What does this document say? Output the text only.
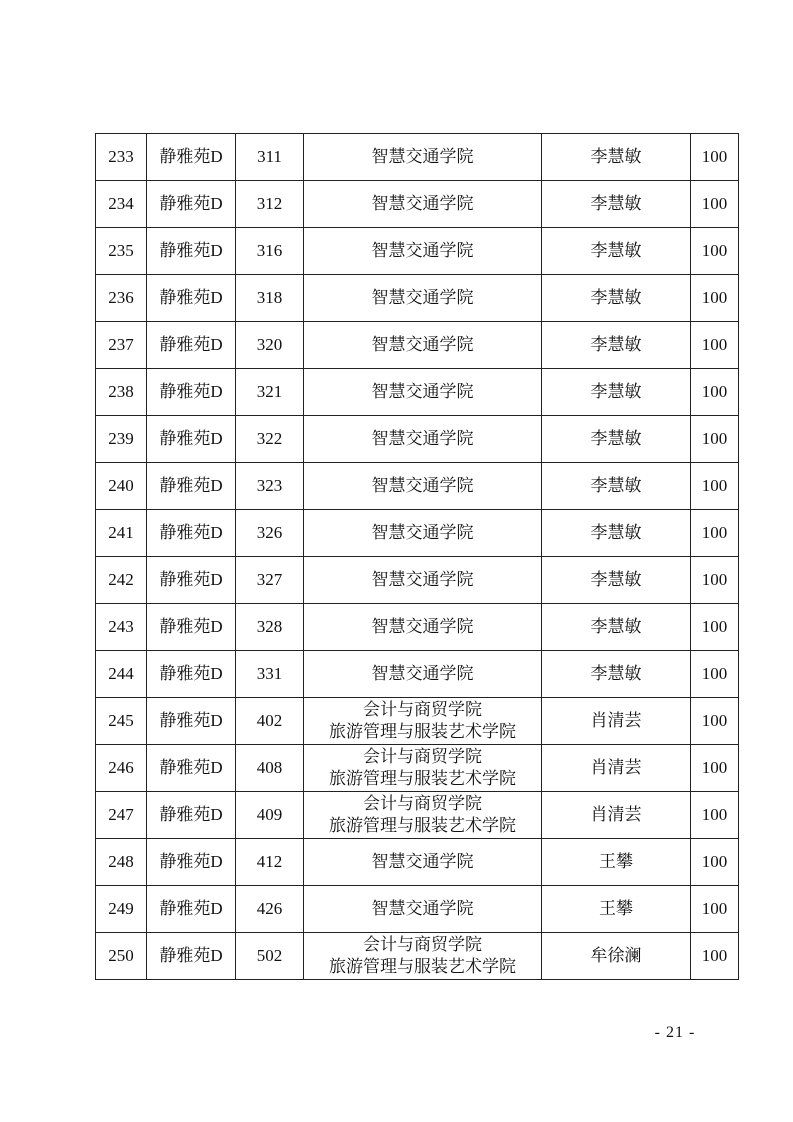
233	静雅苑D	311	智慧交通学院	李慧敏	100
234	静雅苑D	312	智慧交通学院	李慧敏	100
235	静雅苑D	316	智慧交通学院	李慧敏	100
236	静雅苑D	318	智慧交通学院	李慧敏	100
237	静雅苑D	320	智慧交通学院	李慧敏	100
238	静雅苑D	321	智慧交通学院	李慧敏	100
239	静雅苑D	322	智慧交通学院	李慧敏	100
240	静雅苑D	323	智慧交通学院	李慧敏	100
241	静雅苑D	326	智慧交通学院	李慧敏	100
242	静雅苑D	327	智慧交通学院	李慧敏	100
243	静雅苑D	328	智慧交通学院	李慧敏	100
244	静雅苑D	331	智慧交通学院	李慧敏	100
245	静雅苑D	402	会计与商贸学院
旅游管理与服装艺术学院	肖清芸	100
246	静雅苑D	408	会计与商贸学院
旅游管理与服装艺术学院	肖清芸	100
247	静雅苑D	409	会计与商贸学院
旅游管理与服装艺术学院	肖清芸	100
248	静雅苑D	412	智慧交通学院	王攀	100
249	静雅苑D	426	智慧交通学院	王攀	100
250	静雅苑D	502	会计与商贸学院
旅游管理与服装艺术学院	牟徐澜	100
- 21 -
